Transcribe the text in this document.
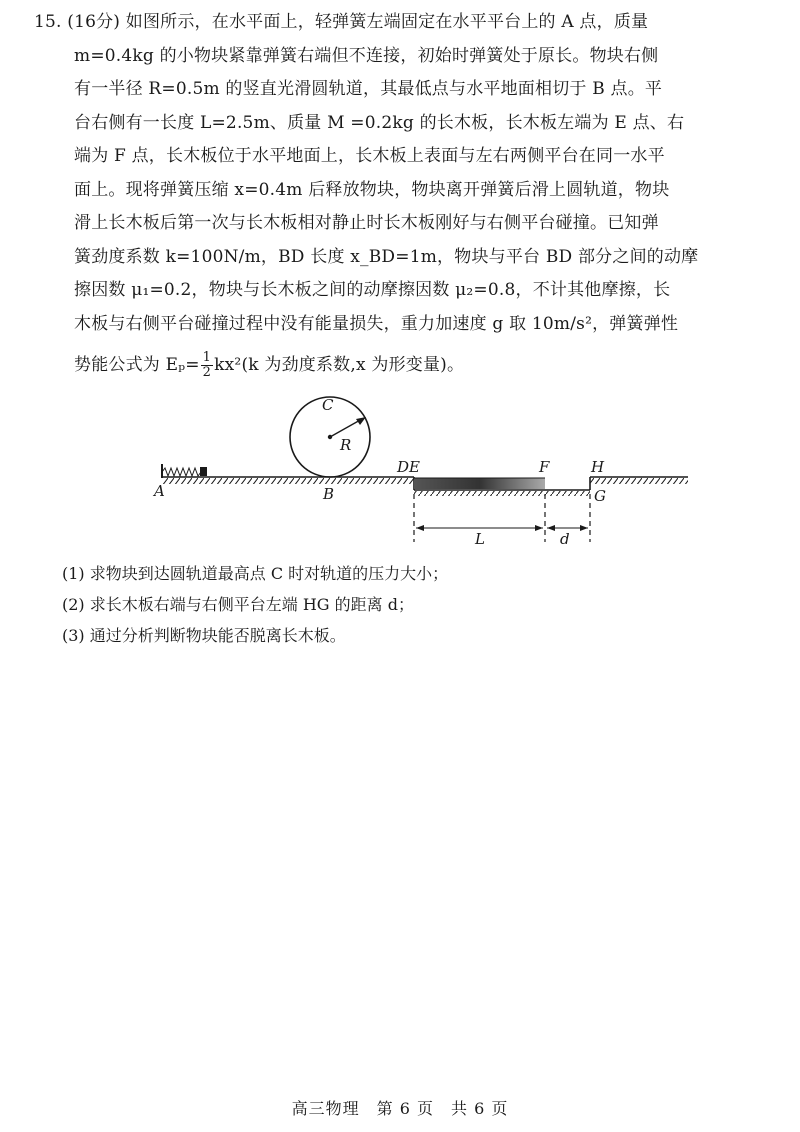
15. (16分) 如图所示，在水平面上，轻弹簧左端固定在水平平台上的 A 点，质量
m=0.4kg 的小物块紧靠弹簧右端但不连接，初始时弹簧处于原长。物块右侧
有一半径 R=0.5m 的竖直光滑圆轨道，其最低点与水平地面相切于 B 点。平
台右侧有一长度 L=2.5m、质量 M =0.2kg 的长木板，长木板左端为 E 点、右
端为 F 点，长木板位于水平地面上，长木板上表面与左右两侧平台在同一水平
面上。现将弹簧压缩 x=0.4m 后释放物块，物块离开弹簧后滑上圆轨道，物块
滑上长木板后第一次与长木板相对静止时长木板刚好与右侧平台碰撞。已知弹
簧劲度系数 k=100N/m，BD 长度 x_BD=1m，物块与平台 BD 部分之间的动摩
擦因数 μ₁=0.2，物块与长木板之间的动摩擦因数 μ₂=0.8，不计其他摩擦，长
木板与右侧平台碰撞过程中没有能量损失，重力加速度 g 取 10m/s²，弹簧弹性
势能公式为 $E_p= \frac{1}{2} kx^2(k$ 为劲度系数,x 为形变量)。
A	B
C
R
DE	F	H
G
L	d
(1) 求物块到达圆轨道最高点 C 时对轨道的压力大小；
(2) 求长木板右端与右侧平台左端 HG 的距离 d；
(3) 通过分析判断物块能否脱离长木板。
高三物理　第 6 页　共 6 页
